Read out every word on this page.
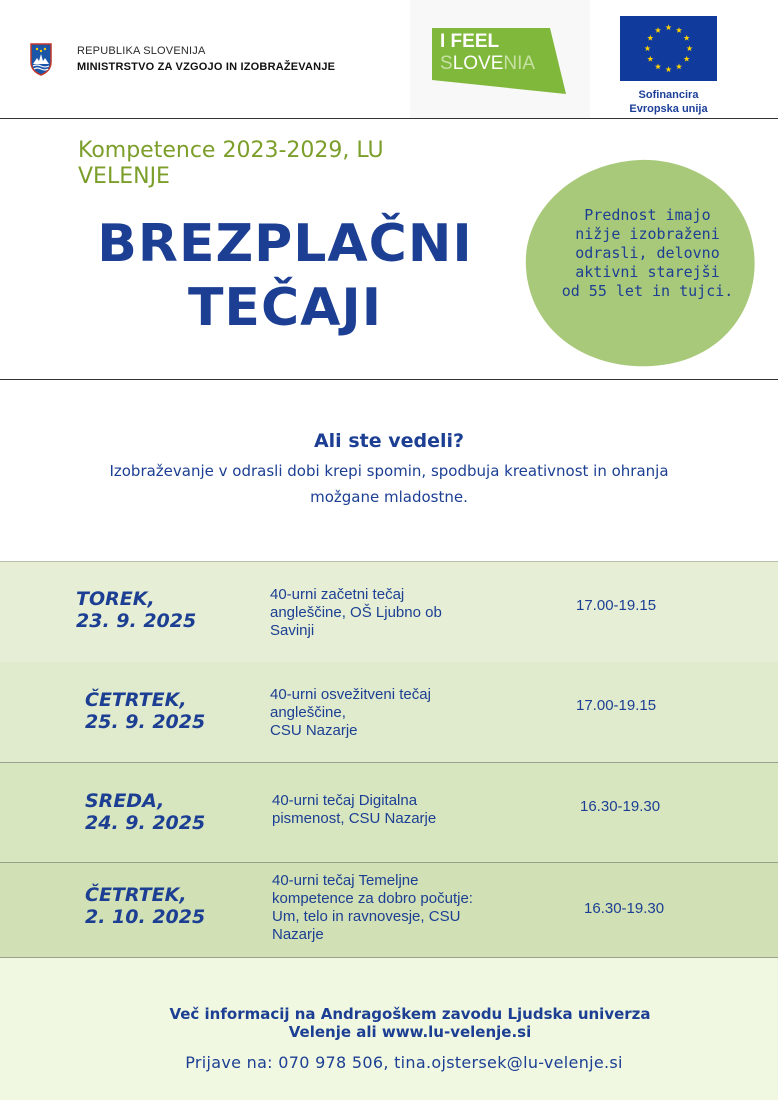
REPUBLIKA SLOVENIJA
MINISTRSTVO ZA VZGOJO IN IZOBRAŽEVANJE
I FEEL
SLOVENIA
Sofinancira
Evropska unija
Kompetence 2023-2029, LU
VELENJE
BREZPLAČNI
TEČAJI
Prednost imajo
nižje izobraženi
odrasli, delovno
aktivni starejši
od 55 let in tujci.
Ali ste vedeli?
Izobraževanje v odrasli dobi krepi spomin, spodbuja kreativnost in ohranja
možgane mladostne.
TOREK,
23. 9. 2025
40-urni začetni tečaj
angleščine, OŠ Ljubno ob
Savinji
17.00-19.15
ČETRTEK,
25. 9. 2025
40-urni osvežitveni tečaj
angleščine,
CSU Nazarje
17.00-19.15
SREDA,
24. 9. 2025
40-urni tečaj Digitalna
pismenost, CSU Nazarje
16.30-19.30
ČETRTEK,
2. 10. 2025
40-urni tečaj Temeljne
kompetence za dobro počutje:
Um, telo in ravnovesje, CSU
Nazarje
16.30-19.30
Več informacij na Andragoškem zavodu Ljudska univerza
Velenje ali www.lu-velenje.si
Prijave na: 070 978 506, tina.ojstersek@lu-velenje.si
